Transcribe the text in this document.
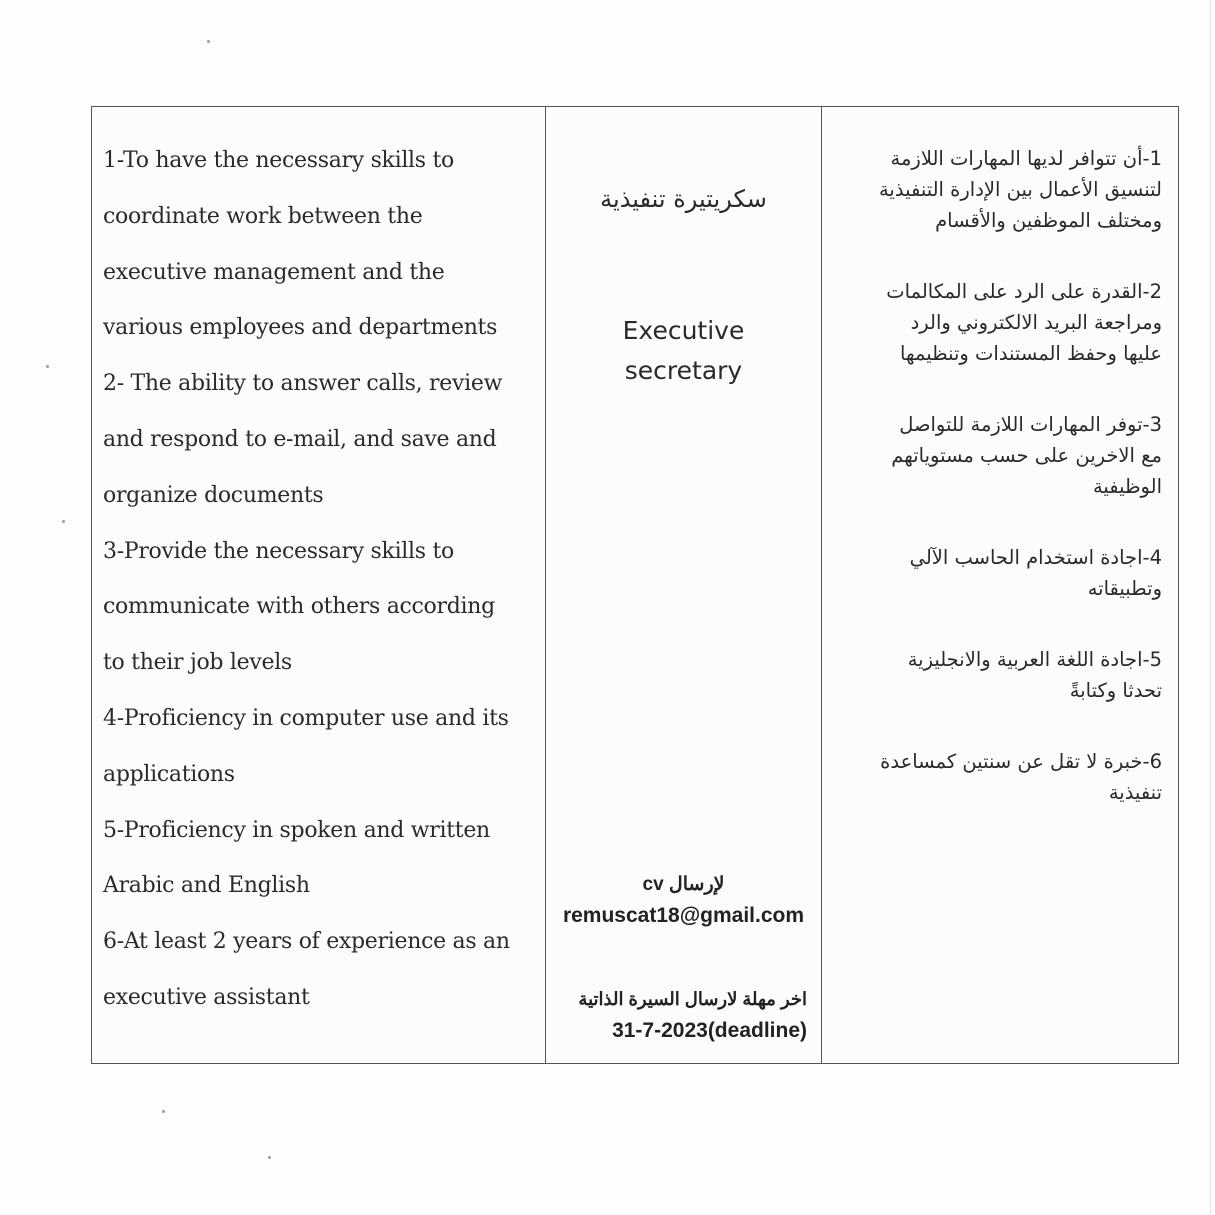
1-To have the necessary skills to
coordinate work between the
executive management and the
various employees and departments
2- The ability to answer calls, review
and respond to e-mail, and save and
organize documents
3-Provide the necessary skills to
communicate with others according
to their job levels
4-Proficiency in computer use and its
applications
5-Proficiency in spoken and written
Arabic and English
6-At least 2 years of experience as an
executive assistant
سكريتيرة تنفيذية
Executive
secretary
لإرسال cv
remuscat18@gmail.com
اخر مهلة لارسال السيرة الذاتية
31-7-2023(deadline)
1-أن تتوافر لديها المهارات اللازمة
لتنسيق الأعمال بين الإدارة التنفيذية
ومختلف الموظفين والأقسام
2-القدرة على الرد على المكالمات
ومراجعة البريد الالكتروني والرد
عليها وحفظ المستندات وتنظيمها
3-توفر المهارات اللازمة للتواصل
مع الاخرين على حسب مستوياتهم
الوظيفية
4-اجادة استخدام الحاسب الآلي
وتطبيقاته
5-اجادة اللغة العربية والانجليزية
تحدثا وكتابةً
6-خبرة لا تقل عن سنتين كمساعدة
تنفيذية
